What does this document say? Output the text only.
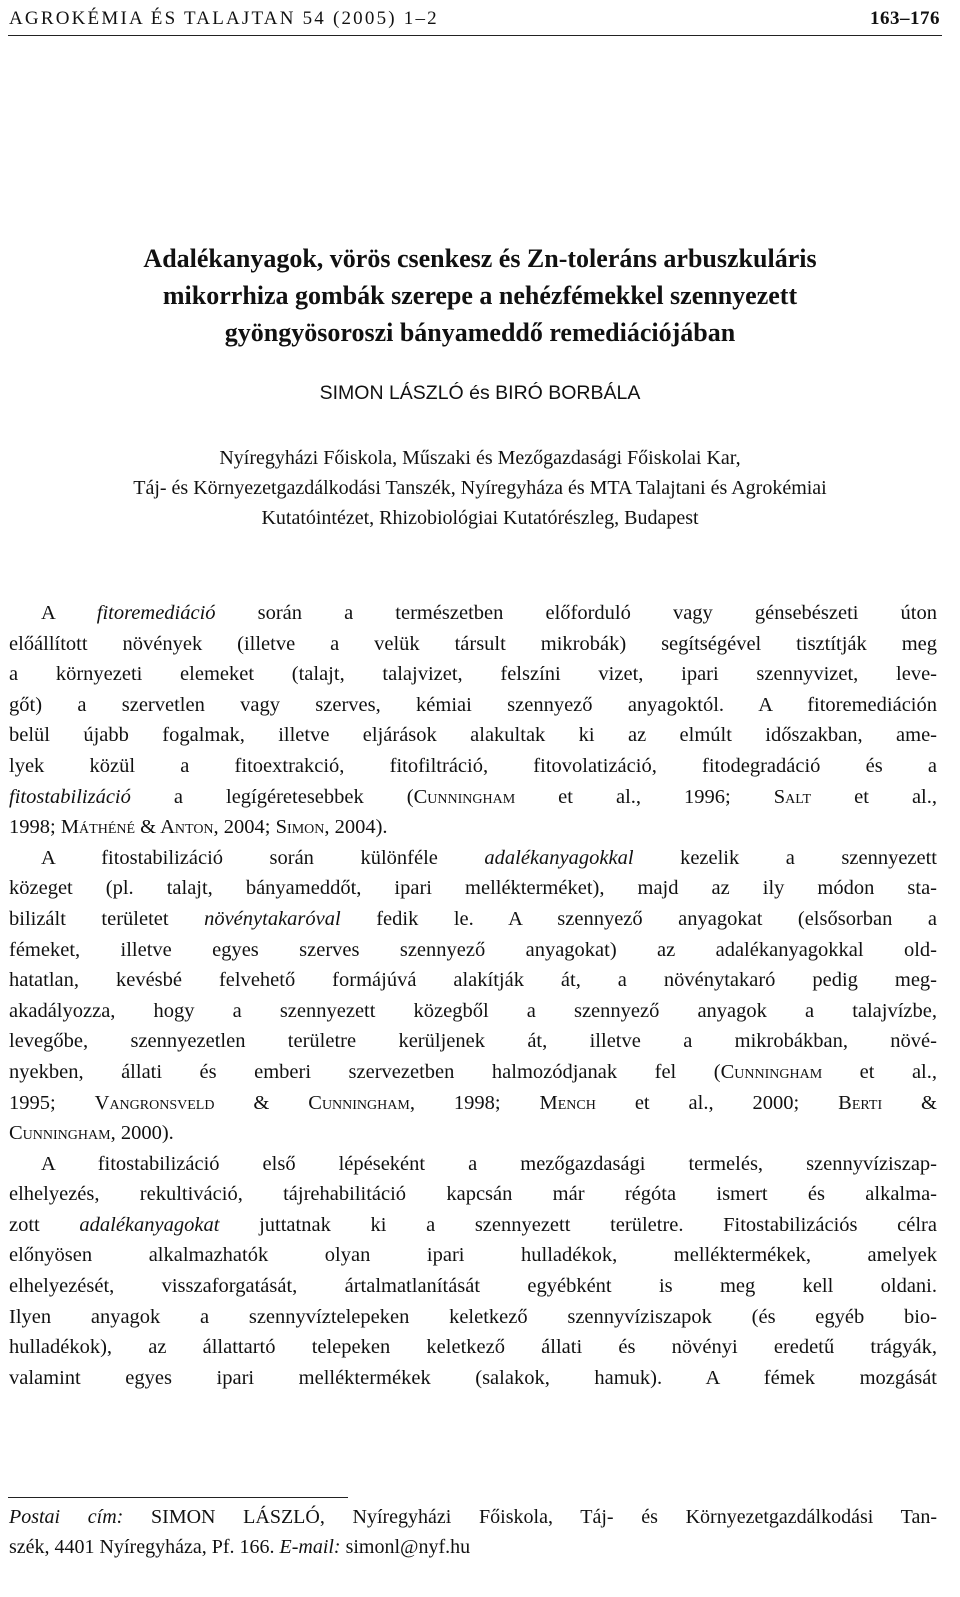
AGROKÉMIA ÉS TALAJTAN 54 (2005) 1–2	163–176
Adalékanyagok, vörös csenkesz és Zn-toleráns arbuszkuláris
mikorrhiza gombák szerepe a nehézfémekkel szennyezett
gyöngyösoroszi bányameddő remediációjában
SIMON LÁSZLÓ és BIRÓ BORBÁLA
Nyíregyházi Főiskola, Műszaki és Mezőgazdasági Főiskolai Kar,
Táj- és Környezetgazdálkodási Tanszék, Nyíregyháza és MTA Talajtani és Agrokémiai
Kutatóintézet, Rhizobiológiai Kutatórészleg, Budapest
A fitoremediáció során a természetben előforduló vagy génsebészeti úton
előállított növények (illetve a velük társult mikrobák) segítségével tisztítják meg
a környezeti elemeket (talajt, talajvizet, felszíni vizet, ipari szennyvizet, leve-
gőt) a szervetlen vagy szerves, kémiai szennyező anyagoktól. A fitoremediáción
belül újabb fogalmak, illetve eljárások alakultak ki az elmúlt időszakban, ame-
lyek közül a fitoextrakció, fitofiltráció, fitovolatizáció, fitodegradáció és a
fitostabilizáció a legígéretesebbek (Cunningham et al., 1996; Salt et al.,
1998; Máthéné & Anton, 2004; Simon, 2004).
A fitostabilizáció során különféle adalékanyagokkal kezelik a szennyezett
közeget (pl. talajt, bányameddőt, ipari mellékterméket), majd az ily módon sta-
bilizált területet növénytakaróval fedik le. A szennyező anyagokat (elsősorban a
fémeket, illetve egyes szerves szennyező anyagokat) az adalékanyagokkal old-
hatatlan, kevésbé felvehető formájúvá alakítják át, a növénytakaró pedig meg-
akadályozza, hogy a szennyezett közegből a szennyező anyagok a talajvízbe,
levegőbe, szennyezetlen területre kerüljenek át, illetve a mikrobákban, növé-
nyekben, állati és emberi szervezetben halmozódjanak fel (Cunningham et al.,
1995; Vangronsveld & Cunningham, 1998; Mench et al., 2000; Berti &
Cunningham, 2000).
A fitostabilizáció első lépéseként a mezőgazdasági termelés, szennyvíziszap-
elhelyezés, rekultiváció, tájrehabilitáció kapcsán már régóta ismert és alkalma-
zott adalékanyagokat juttatnak ki a szennyezett területre. Fitostabilizációs célra
előnyösen alkalmazhatók olyan ipari hulladékok, melléktermékek, amelyek
elhelyezését, visszaforgatását, ártalmatlanítását egyébként is meg kell oldani.
Ilyen anyagok a szennyvíztelepeken keletkező szennyvíziszapok (és egyéb bio-
hulladékok), az állattartó telepeken keletkező állati és növényi eredetű trágyák,
valamint egyes ipari melléktermékek (salakok, hamuk). A fémek mozgását
Postai cím: SIMON LÁSZLÓ, Nyíregyházi Főiskola, Táj- és Környezetgazdálkodási Tan-
szék, 4401 Nyíregyháza, Pf. 166. E-mail: simonl@nyf.hu
